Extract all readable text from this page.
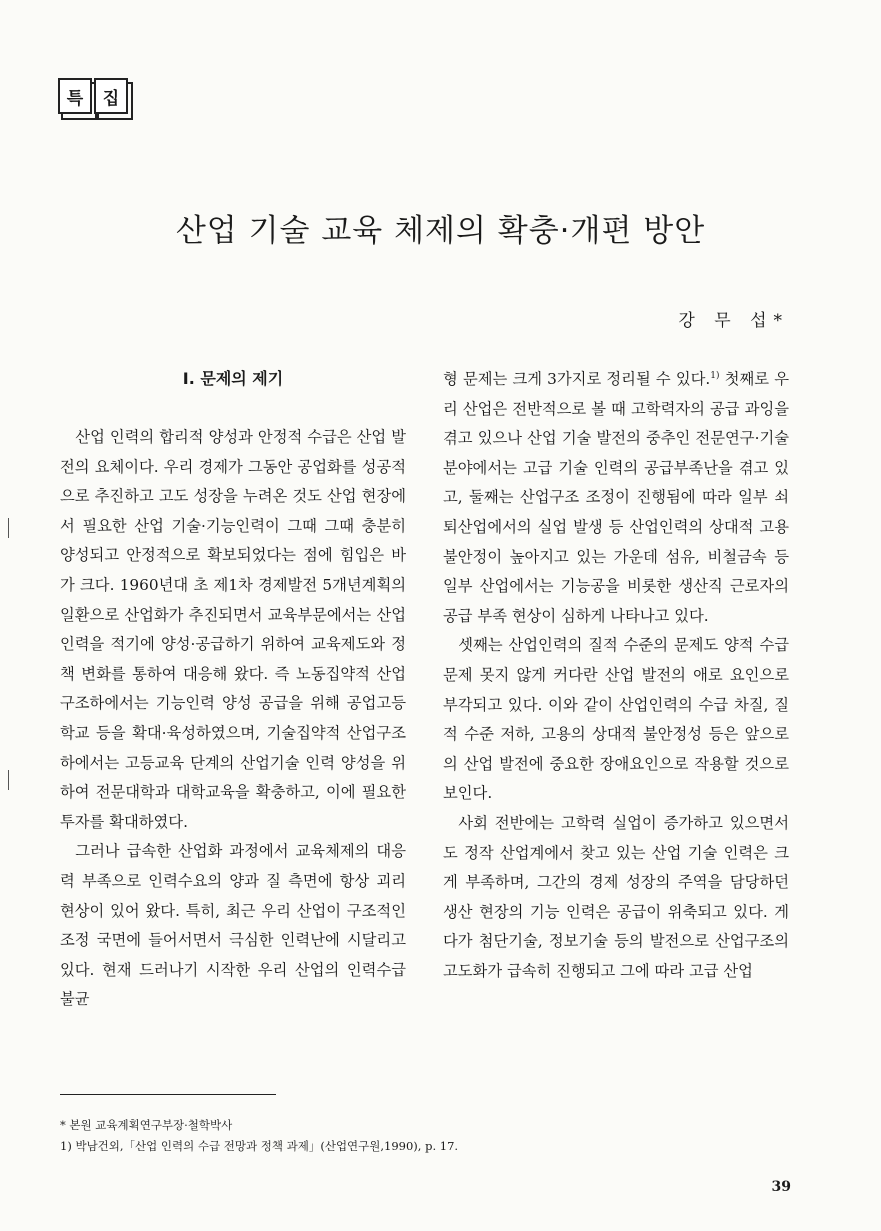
특	집
산업 기술 교육 체제의 확충·개편 방안
강 무 섭*
I. 문제의 제기

산업 인력의 합리적 양성과 안정적 수급은 산업 발전의 요체이다. 우리 경제가 그동안 공업화를 성공적으로 추진하고 고도 성장을 누려온 것도 산업 현장에서 필요한 산업 기술·기능인력이 그때 그때 충분히 양성되고 안정적으로 확보되었다는 점에 힘입은 바가 크다. 1960년대 초 제1차 경제발전 5개년계획의 일환으로 산업화가 추진되면서 교육부문에서는 산업 인력을 적기에 양성·공급하기 위하여 교육제도와 정책 변화를 통하여 대응해 왔다. 즉 노동집약적 산업구조하에서는 기능인력 양성 공급을 위해 공업고등학교 등을 확대·육성하였으며, 기술집약적 산업구조하에서는 고등교육 단계의 산업기술 인력 양성을 위하여 전문대학과 대학교육을 확충하고, 이에 필요한 투자를 확대하였다.

그러나 급속한 산업화 과정에서 교육체제의 대응력 부족으로 인력수요의 양과 질 측면에 항상 괴리 현상이 있어 왔다. 특히, 최근 우리 산업이 구조적인 조정 국면에 들어서면서 극심한 인력난에 시달리고 있다. 현재 드러나기 시작한 우리 산업의 인력수급 불균

형 문제는 크게 3가지로 정리될 수 있다.$^{1)}$ 첫째로 우리 산업은 전반적으로 볼 때 고학력자의 공급 과잉을 겪고 있으나 산업 기술 발전의 중추인 전문연구·기술 분야에서는 고급 기술 인력의 공급부족난을 겪고 있고, 둘째는 산업구조 조정이 진행됨에 따라 일부 쇠퇴산업에서의 실업 발생 등 산업인력의 상대적 고용 불안정이 높아지고 있는 가운데 섬유, 비철금속 등 일부 산업에서는 기능공을 비롯한 생산직 근로자의 공급 부족 현상이 심하게 나타나고 있다.

셋째는 산업인력의 질적 수준의 문제도 양적 수급 문제 못지 않게 커다란 산업 발전의 애로 요인으로 부각되고 있다. 이와 같이 산업인력의 수급 차질, 질적 수준 저하, 고용의 상대적 불안정성 등은 앞으로의 산업 발전에 중요한 장애요인으로 작용할 것으로 보인다.

사회 전반에는 고학력 실업이 증가하고 있으면서도 정작 산업계에서 찾고 있는 산업 기술 인력은 크게 부족하며, 그간의 경제 성장의 주역을 담당하던 생산 현장의 기능 인력은 공급이 위축되고 있다. 게다가 첨단기술, 정보기술 등의 발전으로 산업구조의 고도화가 급속히 진행되고 그에 따라 고급 산업

* 본원 교육계획연구부장·철학박사
1) 박남건외,「산업 인력의 수급 전망과 정책 과제」(산업연구원,1990), p. 17.
39
